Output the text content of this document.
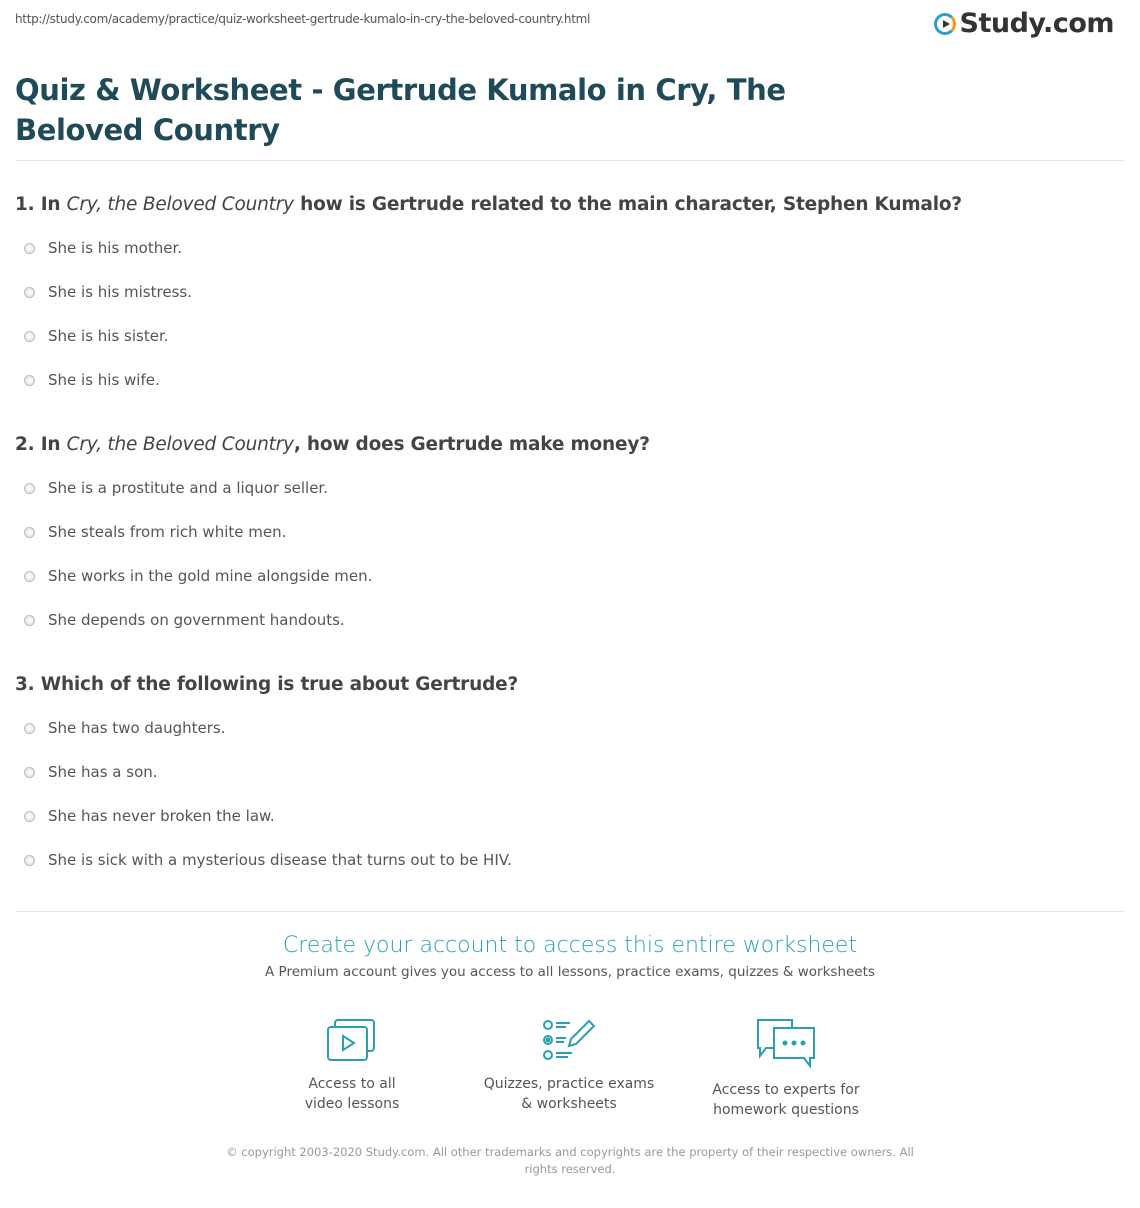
http://study.com/academy/practice/quiz-worksheet-gertrude-kumalo-in-cry-the-beloved-country.html	Study.com
Quiz & Worksheet - Gertrude Kumalo in Cry, The Beloved Country
1. In Cry, the Beloved Country how is Gertrude related to the main character, Stephen Kumalo?
She is his mother.
She is his mistress.
She is his sister.
She is his wife.
2. In Cry, the Beloved Country, how does Gertrude make money?
She is a prostitute and a liquor seller.
She steals from rich white men.
She works in the gold mine alongside men.
She depends on government handouts.
3. Which of the following is true about Gertrude?
She has two daughters.
She has a son.
She has never broken the law.
She is sick with a mysterious disease that turns out to be HIV.
Create your account to access this entire worksheet
A Premium account gives you access to all lessons, practice exams, quizzes & worksheets
Access to all
video lessons
Quizzes, practice exams
& worksheets
Access to experts for
homework questions
© copyright 2003-2020 Study.com. All other trademarks and copyrights are the property of their respective owners. All rights reserved.
